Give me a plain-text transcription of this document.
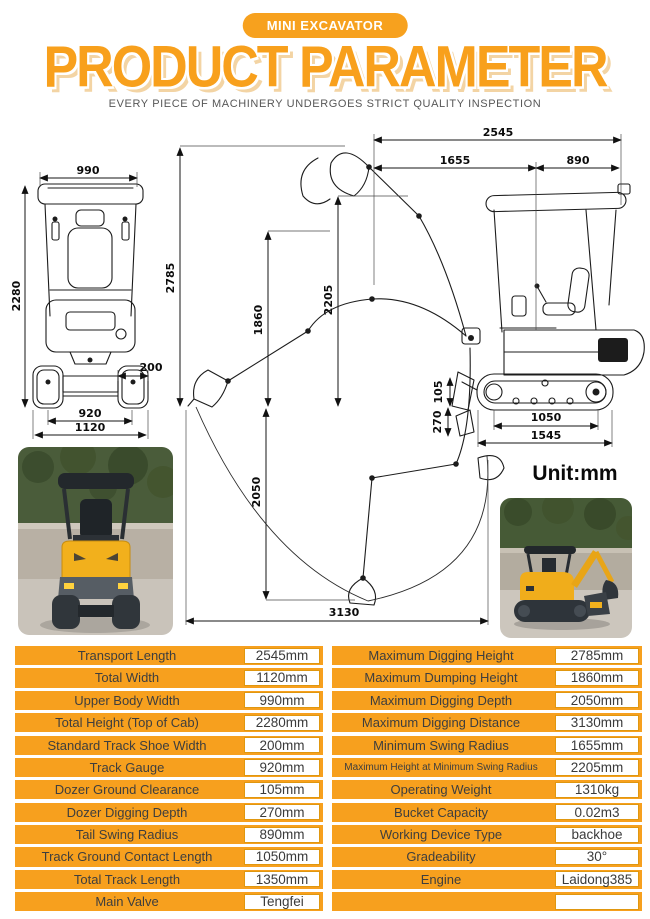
MINI EXCAVATOR
PRODUCT PARAMETER
EVERY PIECE OF MACHINERY UNDERGOES STRICT QUALITY INSPECTION
990
2280
200
920
1120
2545
1655	890
2785
1860
2205
105
270	1050
1545
2050
3130
Unit:mm
Transport Length	2545mm
Total Width	1120mm
Upper Body Width	990mm
Total Height (Top of Cab)	2280mm
Standard Track Shoe Width	200mm
Track Gauge	920mm
Dozer Ground Clearance	105mm
Dozer Digging Depth	270mm
Tail Swing Radius	890mm
Track Ground Contact Length	1050mm
Total Track Length	1350mm
Main Valve	Tengfei
Maximum Digging Height	2785mm
Maximum Dumping Height	1860mm
Maximum Digging Depth	2050mm
Maximum Digging Distance	3130mm
Minimum Swing Radius	1655mm
Maximum Height at Minimum Swing Radius	2205mm
Operating Weight	1310kg
Bucket Capacity	0.02m3
Working Device Type	backhoe
Gradeability	30°
Engine	Laidong385
